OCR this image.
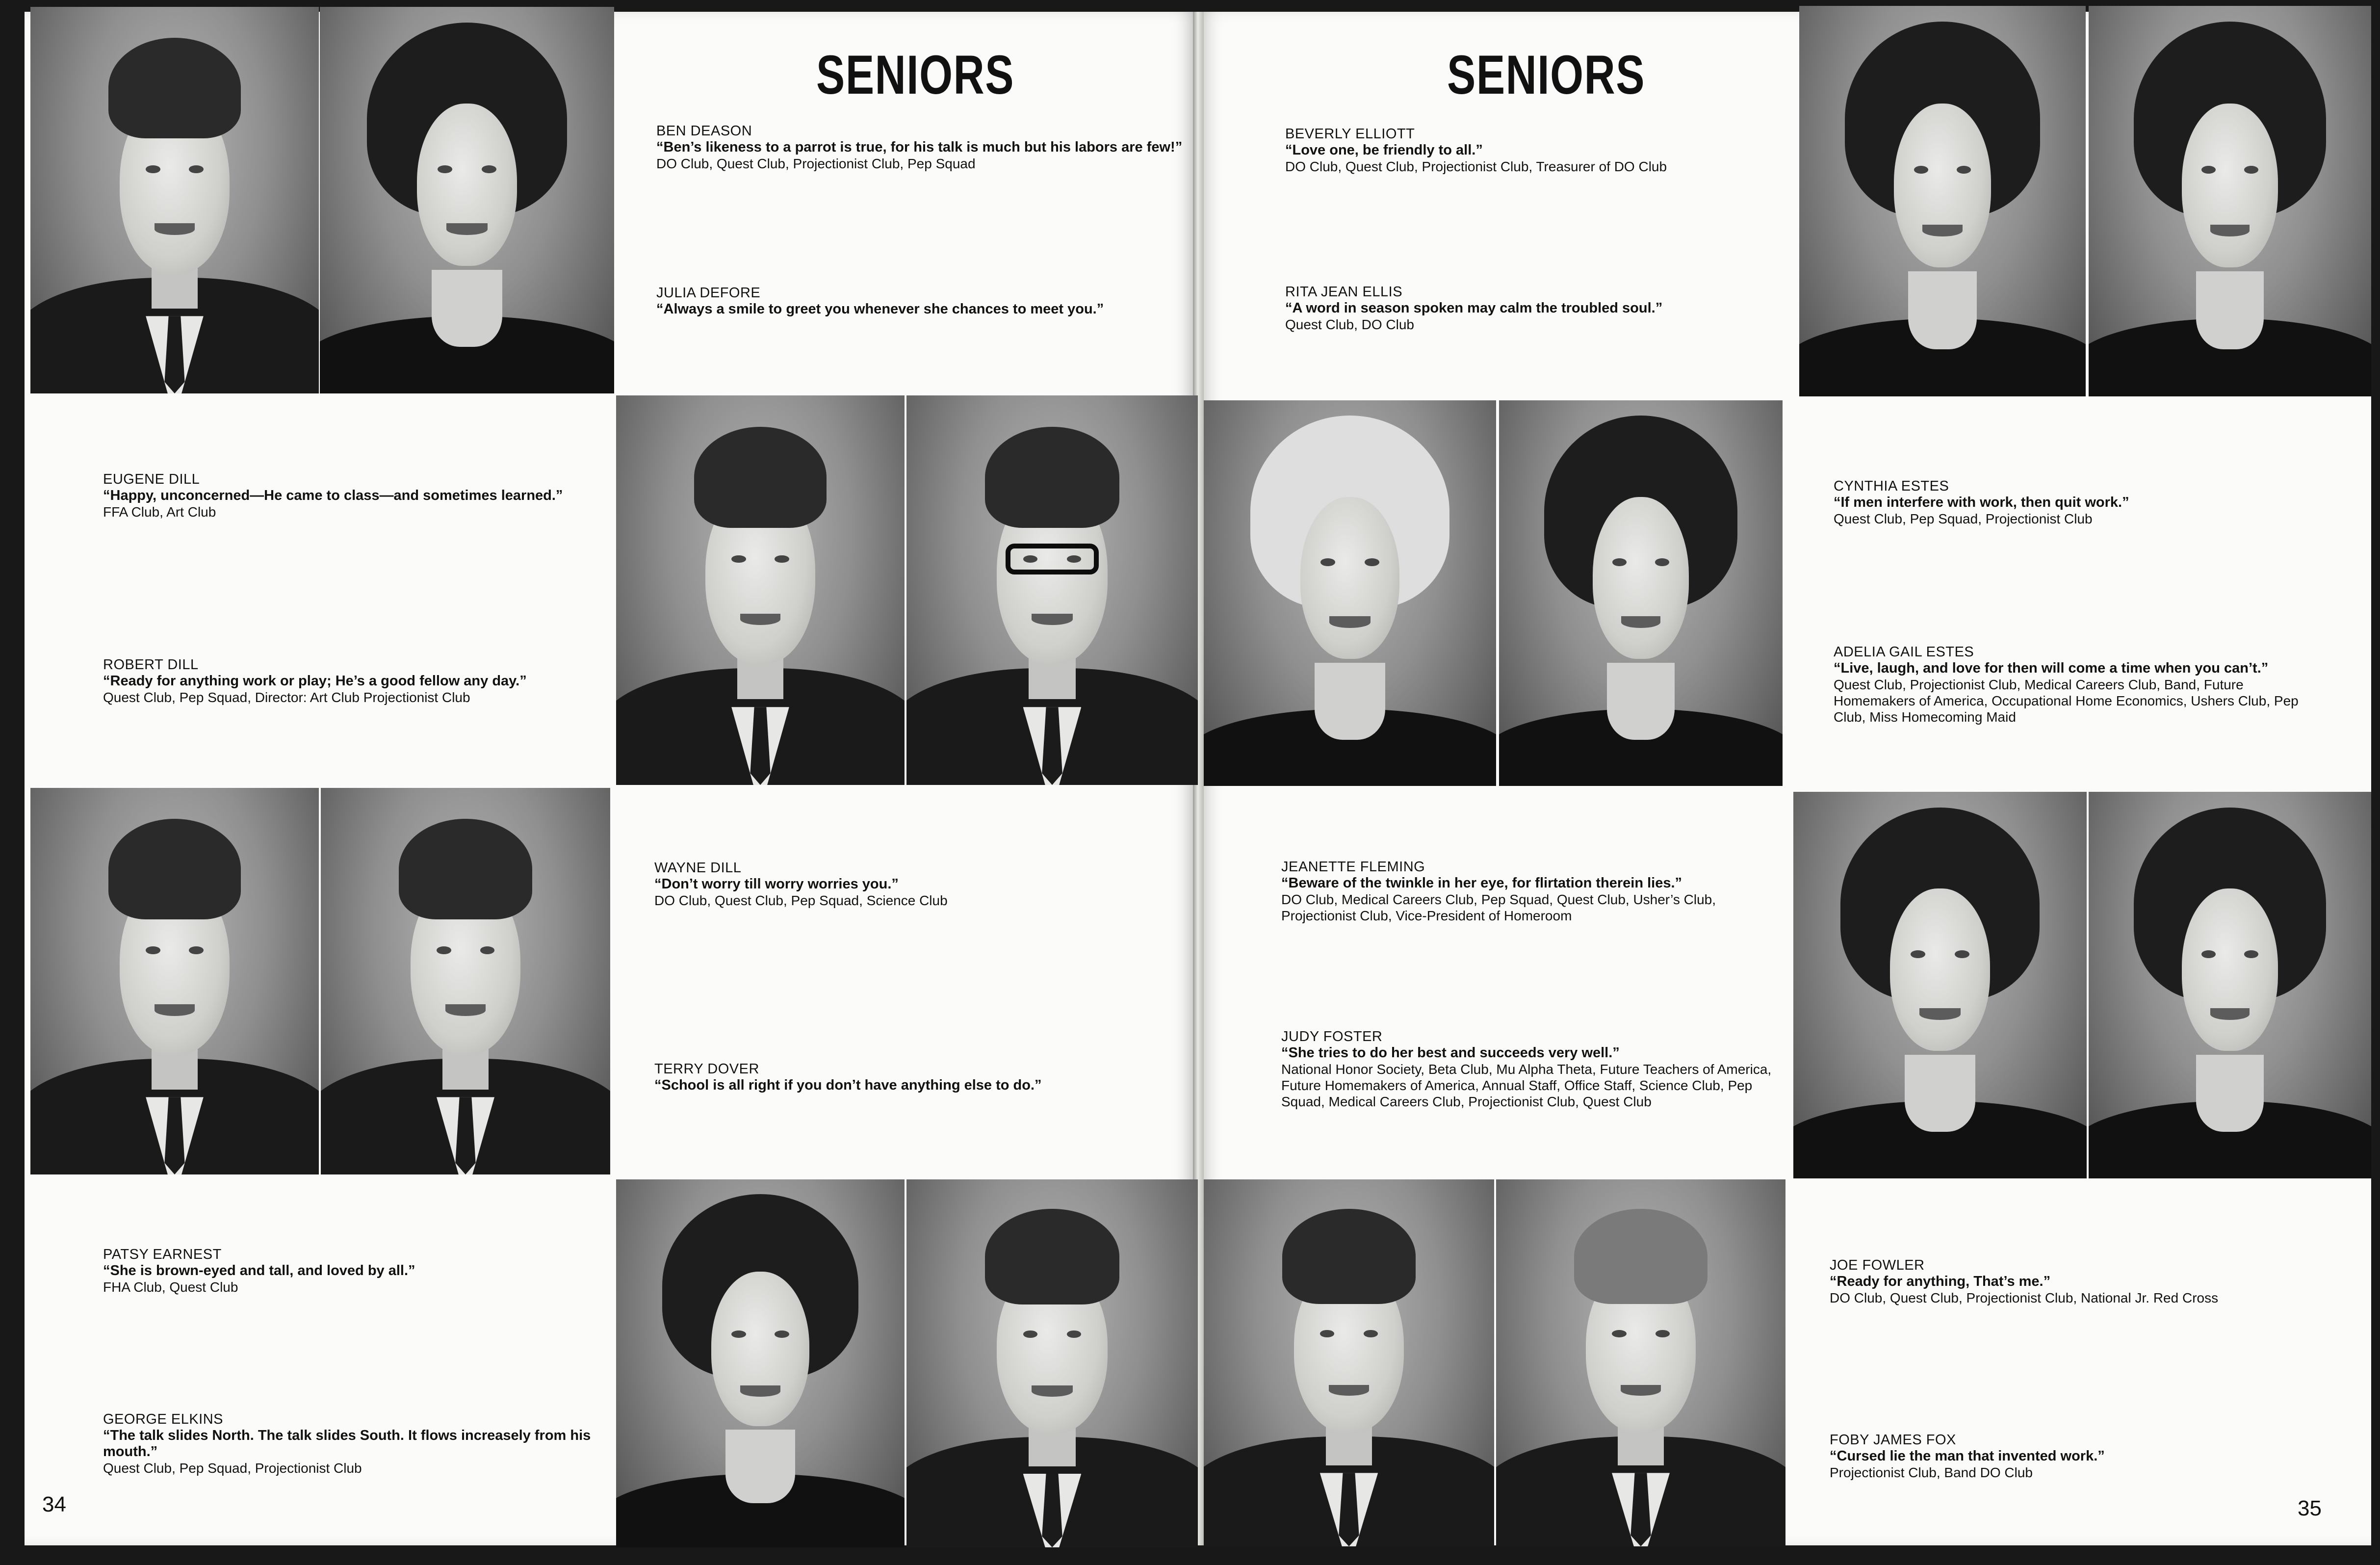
SENIORS	SENIORS
BEN DEASON
“Ben’s likeness to a parrot is true, for his talk is much but his labors are few!”
DO Club, Quest Club, Projectionist Club, Pep Squad
JULIA DEFORE
“Always a smile to greet you whenever she chances to meet you.”
EUGENE DILL
“Happy, unconcerned—He came to class—and sometimes learned.”
FFA Club, Art Club
ROBERT DILL
“Ready for anything work or play; He’s a good fellow any day.”
Quest Club, Pep Squad, Director: Art Club Projectionist Club
WAYNE DILL
“Don’t worry till worry worries you.”
DO Club, Quest Club, Pep Squad, Science Club
TERRY DOVER
“School is all right if you don’t have anything else to do.”
PATSY EARNEST
“She is brown-eyed and tall, and loved by all.”
FHA Club, Quest Club
GEORGE ELKINS
“The talk slides North. The talk slides South. It flows increasely from his mouth.”
Quest Club, Pep Squad, Projectionist Club
34
BEVERLY ELLIOTT
“Love one, be friendly to all.”
DO Club, Quest Club, Projectionist Club, Treasurer of DO Club
RITA JEAN ELLIS
“A word in season spoken may calm the troubled soul.”
Quest Club, DO Club
CYNTHIA ESTES
“If men interfere with work, then quit work.”
Quest Club, Pep Squad, Projectionist Club
ADELIA GAIL ESTES
“Live, laugh, and love for then will come a time when you can’t.”
Quest Club, Projectionist Club, Medical Careers Club, Band, Future Homemakers of America, Occupational Home Economics, Ushers Club, Pep Club, Miss Homecoming Maid
JEANETTE FLEMING
“Beware of the twinkle in her eye, for flirtation therein lies.”
DO Club, Medical Careers Club, Pep Squad, Quest Club, Usher’s Club, Projectionist Club, Vice-President of Homeroom
JUDY FOSTER
“She tries to do her best and succeeds very well.”
National Honor Society, Beta Club, Mu Alpha Theta, Future Teachers of America, Future Homemakers of America, Annual Staff, Office Staff, Science Club, Pep Squad, Medical Careers Club, Projectionist Club, Quest Club
JOE FOWLER
“Ready for anything, That’s me.”
DO Club, Quest Club, Projectionist Club, National Jr. Red Cross
FOBY JAMES FOX
“Cursed lie the man that invented work.”
Projectionist Club, Band DO Club
35
